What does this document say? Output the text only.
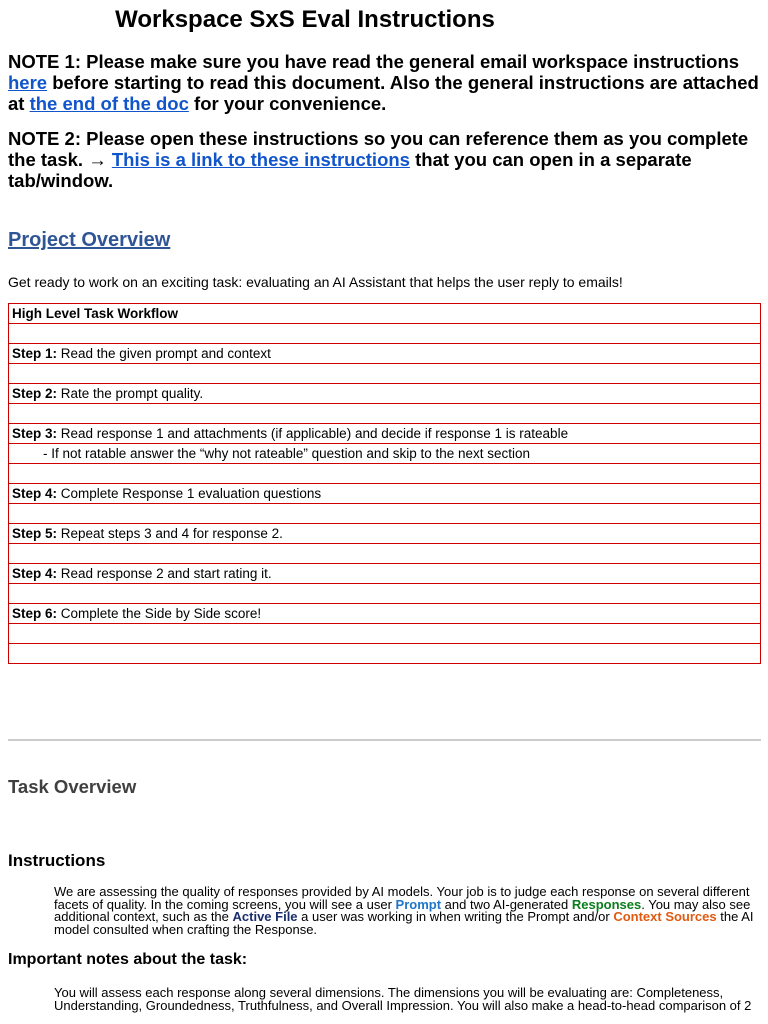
Workspace SxS Eval Instructions
NOTE 1: Please make sure you have read the general email workspace instructions here before starting to read this document. Also the general instructions are attached at the end of the doc for your convenience.
NOTE 2: Please open these instructions so you can reference them as you complete the task. → This is a link to these instructions that you can open in a separate tab/window.
Project Overview
Get ready to work on an exciting task: evaluating an AI Assistant that helps the user reply to emails!
High Level Task Workflow

Step 1: Read the given prompt and context

Step 2: Rate the prompt quality.

Step 3: Read response 1 and attachments (if applicable) and decide if response 1 is rateable
- If not ratable answer the “why not rateable” question and skip to the next section

Step 4: Complete Response 1 evaluation questions

Step 5: Repeat steps 3 and 4 for response 2.

Step 4: Read response 2 and start rating it.

Step 6: Complete the Side by Side score!

Task Overview
Instructions
We are assessing the quality of responses provided by AI models. Your job is to judge each response on several different facets of quality. In the coming screens, you will see a user Prompt and two AI-generated Responses. You may also see additional context, such as the Active File a user was working in when writing the Prompt and/or Context Sources the AI model consulted when crafting the Response.
Important notes about the task:
You will assess each response along several dimensions. The dimensions you will be evaluating are: Completeness, Understanding, Groundedness, Truthfulness, and Overall Impression. You will also make a head-to-head comparison of 2
